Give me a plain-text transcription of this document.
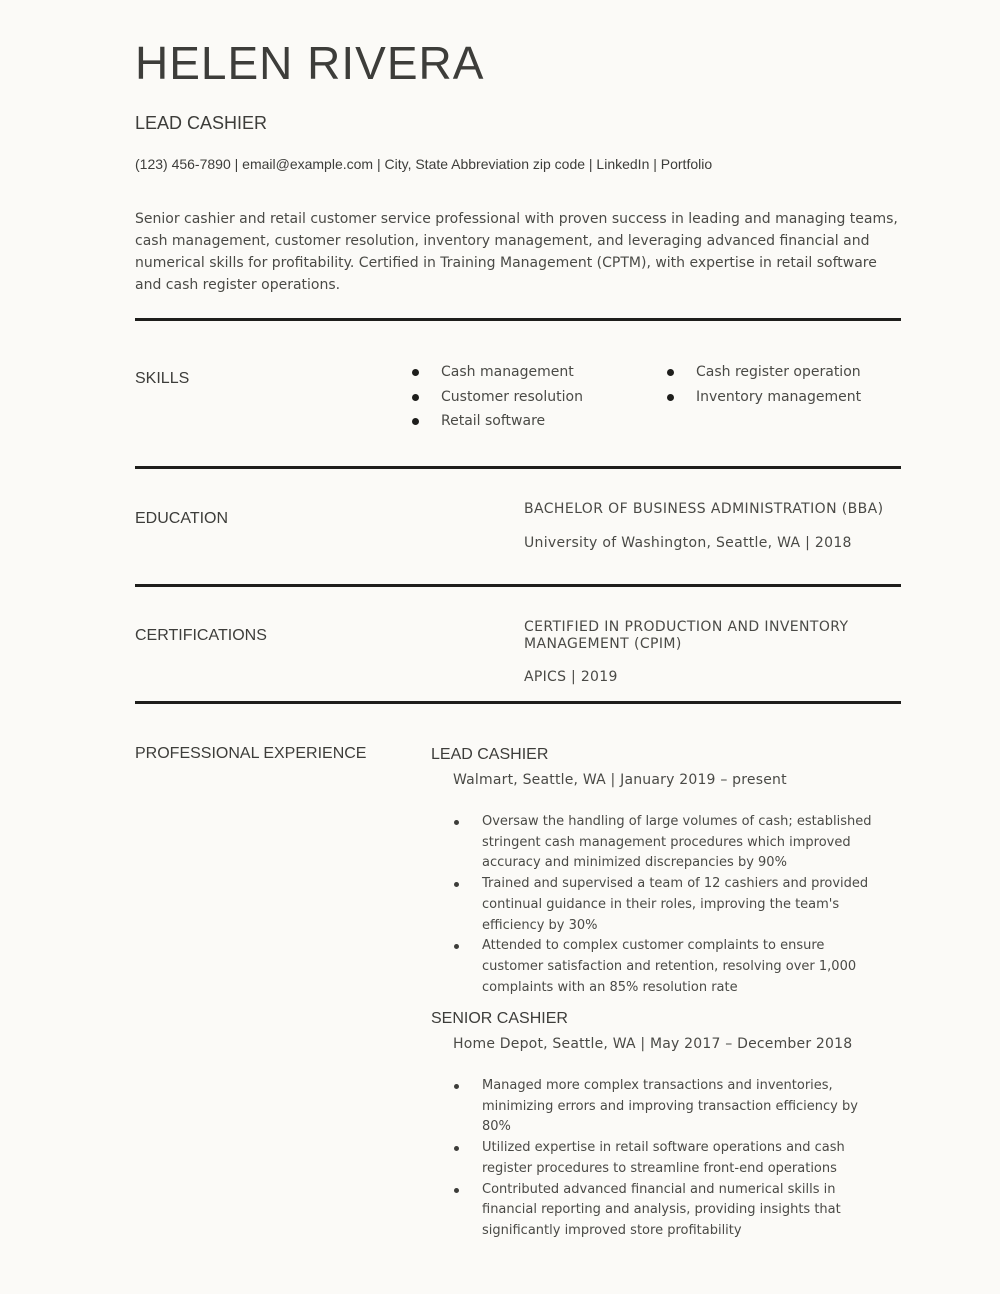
HELEN RIVERA
LEAD CASHIER
(123) 456-7890 | email@example.com | City, State Abbreviation zip code | LinkedIn | Portfolio

Senior cashier and retail customer service professional with proven success in leading and managing teams, cash management, customer resolution, inventory management, and leveraging advanced financial and numerical skills for profitability. Certified in Training Management (CPTM), with expertise in retail software and cash register operations.

SKILLS	Cash management
Customer resolution
Retail software
Cash register operation
Inventory management
EDUCATION

BACHELOR OF BUSINESS ADMINISTRATION (BBA)

University of Washington, Seattle, WA | 2018
CERTIFICATIONS	CERTIFIED IN PRODUCTION AND INVENTORY MANAGEMENT (CPIM)

APICS | 2019
PROFESSIONAL EXPERIENCE	LEAD CASHIER
Walmart, Seattle, WA | January 2019 – present
Oversaw the handling of large volumes of cash; established stringent cash management procedures which improved accuracy and minimized discrepancies by 90%
Trained and supervised a team of 12 cashiers and provided continual guidance in their roles, improving the team's efficiency by 30%
Attended to complex customer complaints to ensure customer satisfaction and retention, resolving over 1,000 complaints with an 85% resolution rate
SENIOR CASHIER
Home Depot, Seattle, WA | May 2017 – December 2018
Managed more complex transactions and inventories, minimizing errors and improving transaction efficiency by 80%
Utilized expertise in retail software operations and cash register procedures to streamline front-end operations
Contributed advanced financial and numerical skills in financial reporting and analysis, providing insights that significantly improved store profitability
